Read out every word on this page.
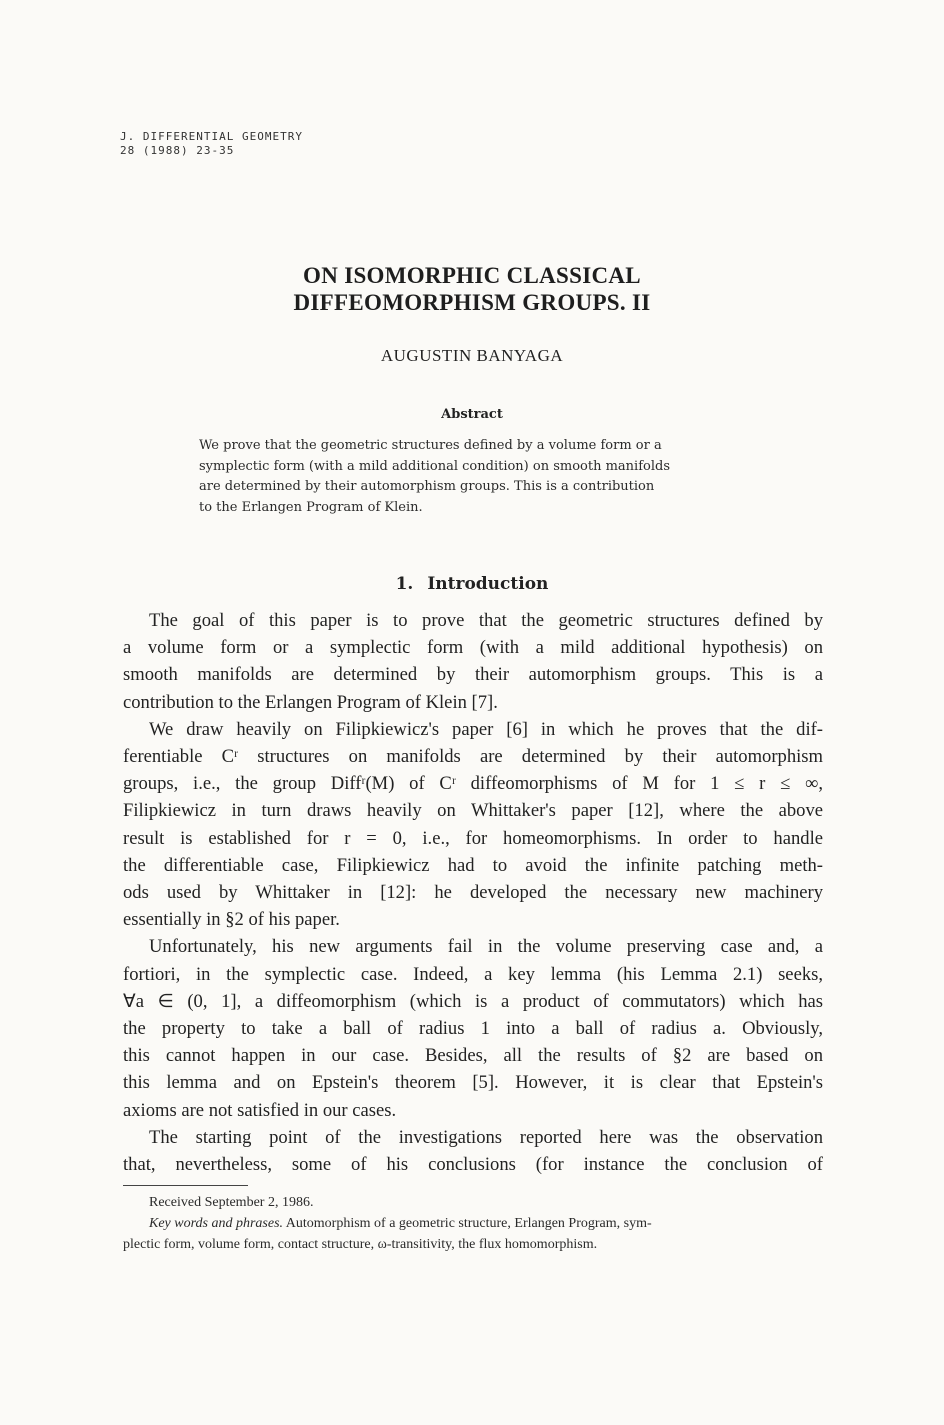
J. DIFFERENTIAL GEOMETRY
28 (1988) 23-35
ON ISOMORPHIC CLASSICAL
DIFFEOMORPHISM GROUPS. II
AUGUSTIN BANYAGA
Abstract
We prove that the geometric structures defined by a volume form or a
symplectic form (with a mild additional condition) on smooth manifolds
are determined by their automorphism groups. This is a contribution
to the Erlangen Program of Klein.
1. Introduction
The goal of this paper is to prove that the geometric structures defined by
a volume form or a symplectic form (with a mild additional hypothesis) on
smooth manifolds are determined by their automorphism groups. This is a
contribution to the Erlangen Program of Klein [7].
We draw heavily on Filipkiewicz's paper [6] in which he proves that the dif-
ferentiable Cʳ structures on manifolds are determined by their automorphism
groups, i.e., the group Diffʳ(M) of Cʳ diffeomorphisms of M for 1 ≤ r ≤ ∞,
Filipkiewicz in turn draws heavily on Whittaker's paper [12], where the above
result is established for r = 0, i.e., for homeomorphisms. In order to handle
the differentiable case, Filipkiewicz had to avoid the infinite patching meth-
ods used by Whittaker in [12]: he developed the necessary new machinery
essentially in §2 of his paper.
Unfortunately, his new arguments fail in the volume preserving case and, a
fortiori, in the symplectic case. Indeed, a key lemma (his Lemma 2.1) seeks,
∀a ∈ (0, 1], a diffeomorphism (which is a product of commutators) which has
the property to take a ball of radius 1 into a ball of radius a. Obviously,
this cannot happen in our case. Besides, all the results of §2 are based on
this lemma and on Epstein's theorem [5]. However, it is clear that Epstein's
axioms are not satisfied in our cases.
The starting point of the investigations reported here was the observation
that, nevertheless, some of his conclusions (for instance the conclusion of

Received September 2, 1986.

Key words and phrases. Automorphism of a geometric structure, Erlangen Program, sym-

plectic form, volume form, contact structure, ω-transitivity, the flux homomorphism.
